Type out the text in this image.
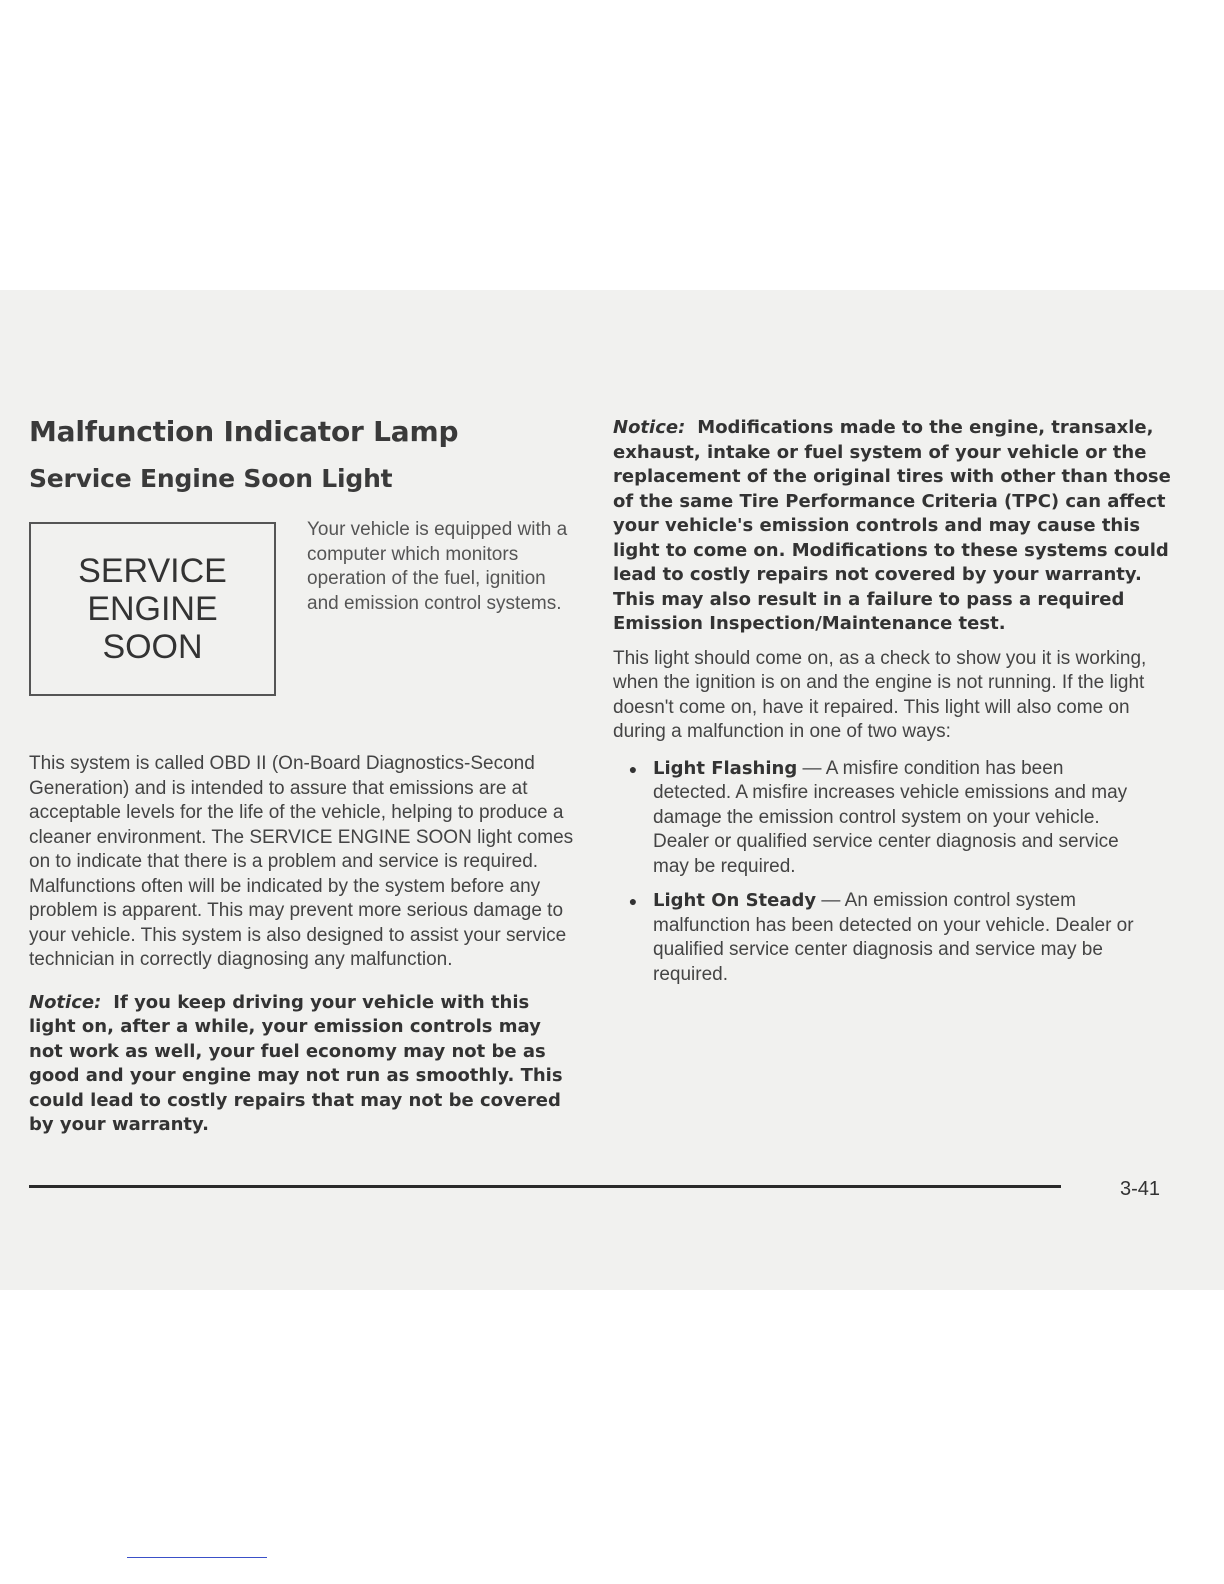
Malfunction Indicator Lamp
Service Engine Soon Light
SERVICE
ENGINE
SOON

Your vehicle is equipped with a computer which monitors operation of the fuel, ignition and emission control systems.

This system is called OBD II (On-Board Diagnostics-Second Generation) and is intended to assure that emissions are at acceptable levels for the life of the vehicle, helping to produce a cleaner environment. The SERVICE ENGINE SOON light comes on to indicate that there is a problem and service is required. Malfunctions often will be indicated by the system before any problem is apparent. This may prevent more serious damage to your vehicle. This system is also designed to assist your service technician in correctly diagnosing any malfunction.

Notice: If you keep driving your vehicle with this light on, after a while, your emission controls may not work as well, your fuel economy may not be as good and your engine may not run as smoothly. This could lead to costly repairs that may not be covered by your warranty.

Notice: Modifications made to the engine, transaxle, exhaust, intake or fuel system of your vehicle or the replacement of the original tires with other than those of the same Tire Performance Criteria (TPC) can affect your vehicle's emission controls and may cause this light to come on. Modifications to these systems could lead to costly repairs not covered by your warranty. This may also result in a failure to pass a required Emission Inspection/Maintenance test.

This light should come on, as a check to show you it is working, when the ignition is on and the engine is not running. If the light doesn't come on, have it repaired. This light will also come on during a malfunction in one of two ways:

● Light Flashing — A misfire condition has been detected. A misfire increases vehicle emissions and may damage the emission control system on your vehicle. Dealer or qualified service center diagnosis and service may be required.
● Light On Steady — An emission control system malfunction has been detected on your vehicle. Dealer or qualified service center diagnosis and service may be required.
3-41
